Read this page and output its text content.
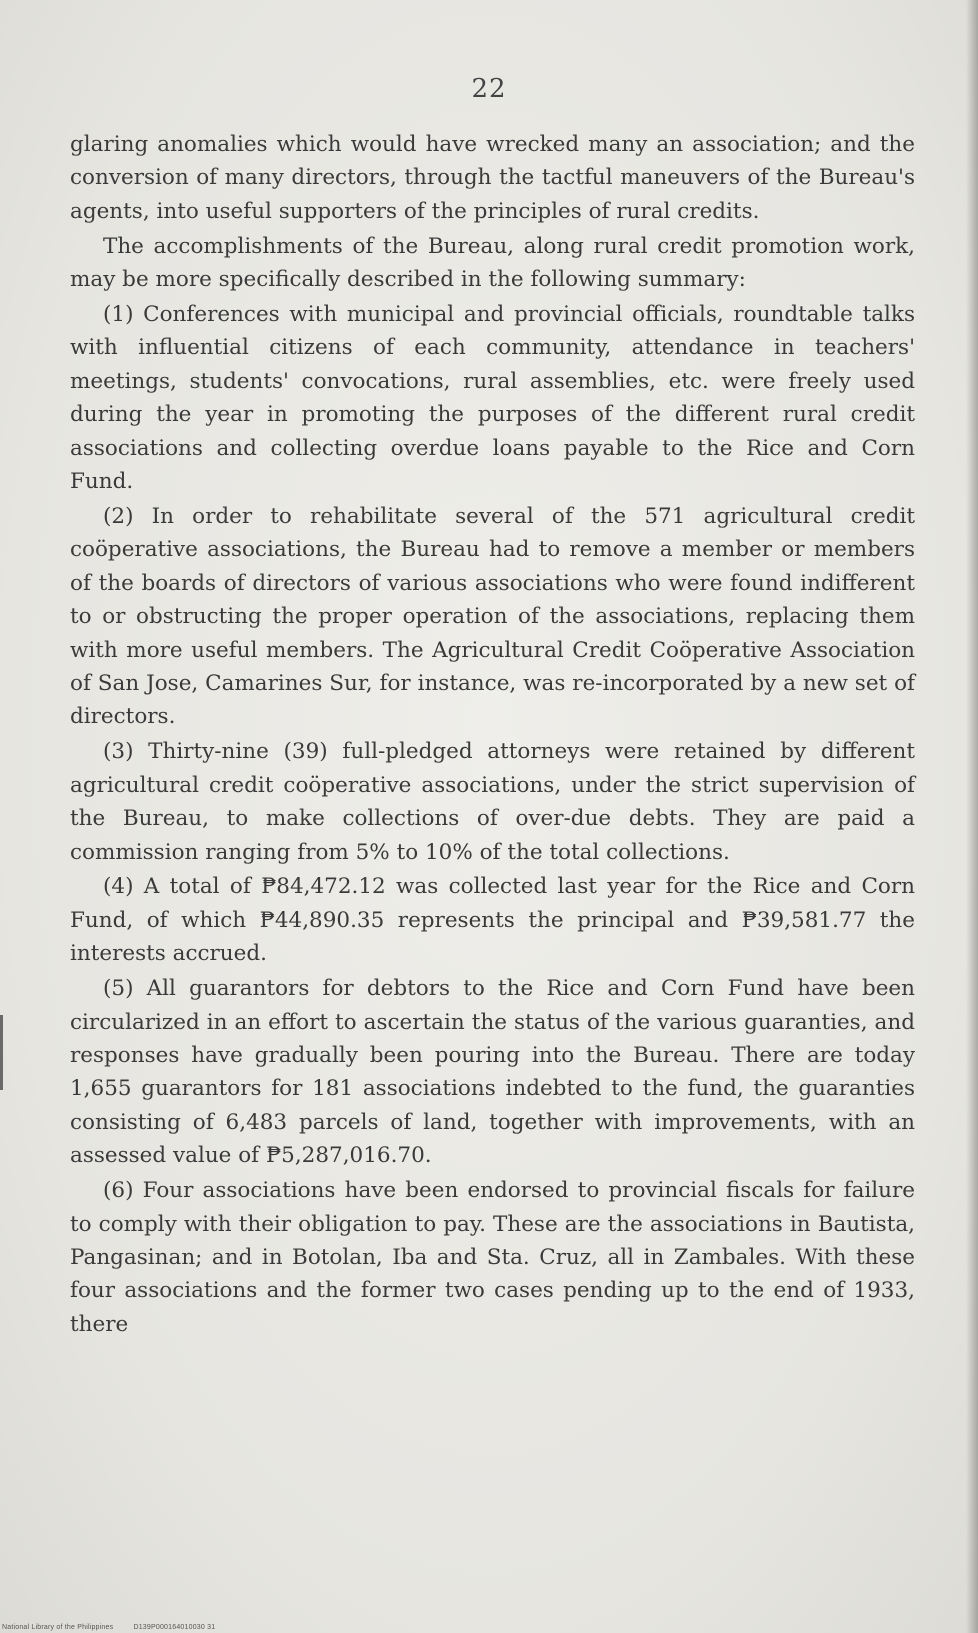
22

glaring anomalies which would have wrecked many an association; and the conversion of many directors, through the tactful maneuvers of the Bureau's agents, into useful supporters of the principles of rural credits.

The accomplishments of the Bureau, along rural credit promotion work, may be more specifically described in the following summary:

(1) Conferences with municipal and provincial officials, roundtable talks with influential citizens of each community, attendance in teachers' meetings, students' convocations, rural assemblies, etc. were freely used during the year in promoting the purposes of the different rural credit associations and collecting overdue loans payable to the Rice and Corn Fund.

(2) In order to rehabilitate several of the 571 agricultural credit coöperative associations, the Bureau had to remove a member or members of the boards of directors of various associations who were found indifferent to or obstructing the proper operation of the associations, replacing them with more useful members. The Agricultural Credit Coöperative Association of San Jose, Camarines Sur, for instance, was re-incorporated by a new set of directors.

(3) Thirty-nine (39) full-pledged attorneys were retained by different agricultural credit coöperative associations, under the strict supervision of the Bureau, to make collections of over-due debts. They are paid a commission ranging from 5% to 10% of the total collections.

(4) A total of ₱84,472.12 was collected last year for the Rice and Corn Fund, of which ₱44,890.35 represents the principal and ₱39,581.77 the interests accrued.

(5) All guarantors for debtors to the Rice and Corn Fund have been circularized in an effort to ascertain the status of the various guaranties, and responses have gradually been pouring into the Bureau. There are today 1,655 guarantors for 181 associations indebted to the fund, the guaranties consisting of 6,483 parcels of land, together with improvements, with an assessed value of ₱5,287,016.70.

(6) Four associations have been endorsed to provincial fiscals for failure to comply with their obligation to pay. These are the associations in Bautista, Pangasinan; and in Botolan, Iba and Sta. Cruz, all in Zambales. With these four associations and the former two cases pending up to the end of 1933, there

National Library of the Philippines	D139P000164010030 31
